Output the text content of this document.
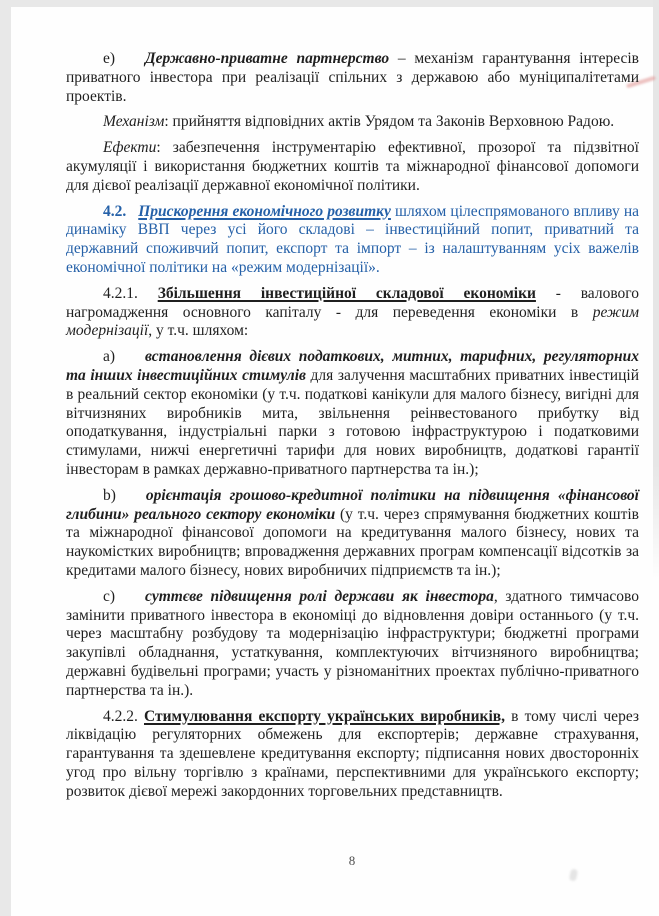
е) Державно-приватне партнерство – механізм гарантування інтересів приватного інвестора при реалізації спільних з державою або муніципалітетами проектів.

Механізм: прийняття відповідних актів Урядом та Законів Верховною Радою.

Ефекти: забезпечення інструментарію ефективної, прозорої та підзвітної акумуляції і використання бюджетних коштів та міжнародної фінансової допомоги для дієвої реалізації державної економічної політики.

4.2. Прискорення економічного розвитку шляхом цілеспрямованого впливу на динаміку ВВП через усі його складові – інвестиційний попит, приватний та державний споживчий попит, експорт та імпорт – із налаштуванням усіх важелів економічної політики на «режим модернізації».

4.2.1. Збільшення інвестиційної складової економіки - валового нагромадження основного капіталу - для переведення економіки в режим модернізації, у т.ч. шляхом:

a) встановлення дієвих податкових, митних, тарифних, регуляторних та інших інвестиційних стимулів для залучення масштабних приватних інвестицій в реальний сектор економіки (у т.ч. податкові канікули для малого бізнесу, вигідні для вітчизняних виробників мита, звільнення реінвестованого прибутку від оподаткування, індустріальні парки з готовою інфраструктурою і податковими стимулами, нижчі енергетичні тарифи для нових виробництв, додаткові гарантії інвесторам в рамках державно-приватного партнерства та ін.);

b) орієнтація грошово-кредитної політики на підвищення «фінансової глибини» реального сектору економіки (у т.ч. через спрямування бюджетних коштів та міжнародної фінансової допомоги на кредитування малого бізнесу, нових та наукомістких виробництв; впровадження державних програм компенсації відсотків за кредитами малого бізнесу, нових виробничих підприємств та ін.);

c) суттєве підвищення ролі держави як інвестора, здатного тимчасово замінити приватного інвестора в економіці до відновлення довіри останнього (у т.ч. через масштабну розбудову та модернізацію інфраструктури; бюджетні програми закупівлі обладнання, устаткування, комплектуючих вітчизняного виробництва; державні будівельні програми; участь у різноманітних проектах публічно-приватного партнерства та ін.).

4.2.2. Стимулювання експорту українських виробників, в тому числі через ліквідацію регуляторних обмежень для експортерів; державне страхування, гарантування та здешевлене кредитування експорту; підписання нових двосторонніх угод про вільну торгівлю з країнами, перспективними для українського експорту; розвиток дієвої мережі закордонних торговельних представництв.

8
